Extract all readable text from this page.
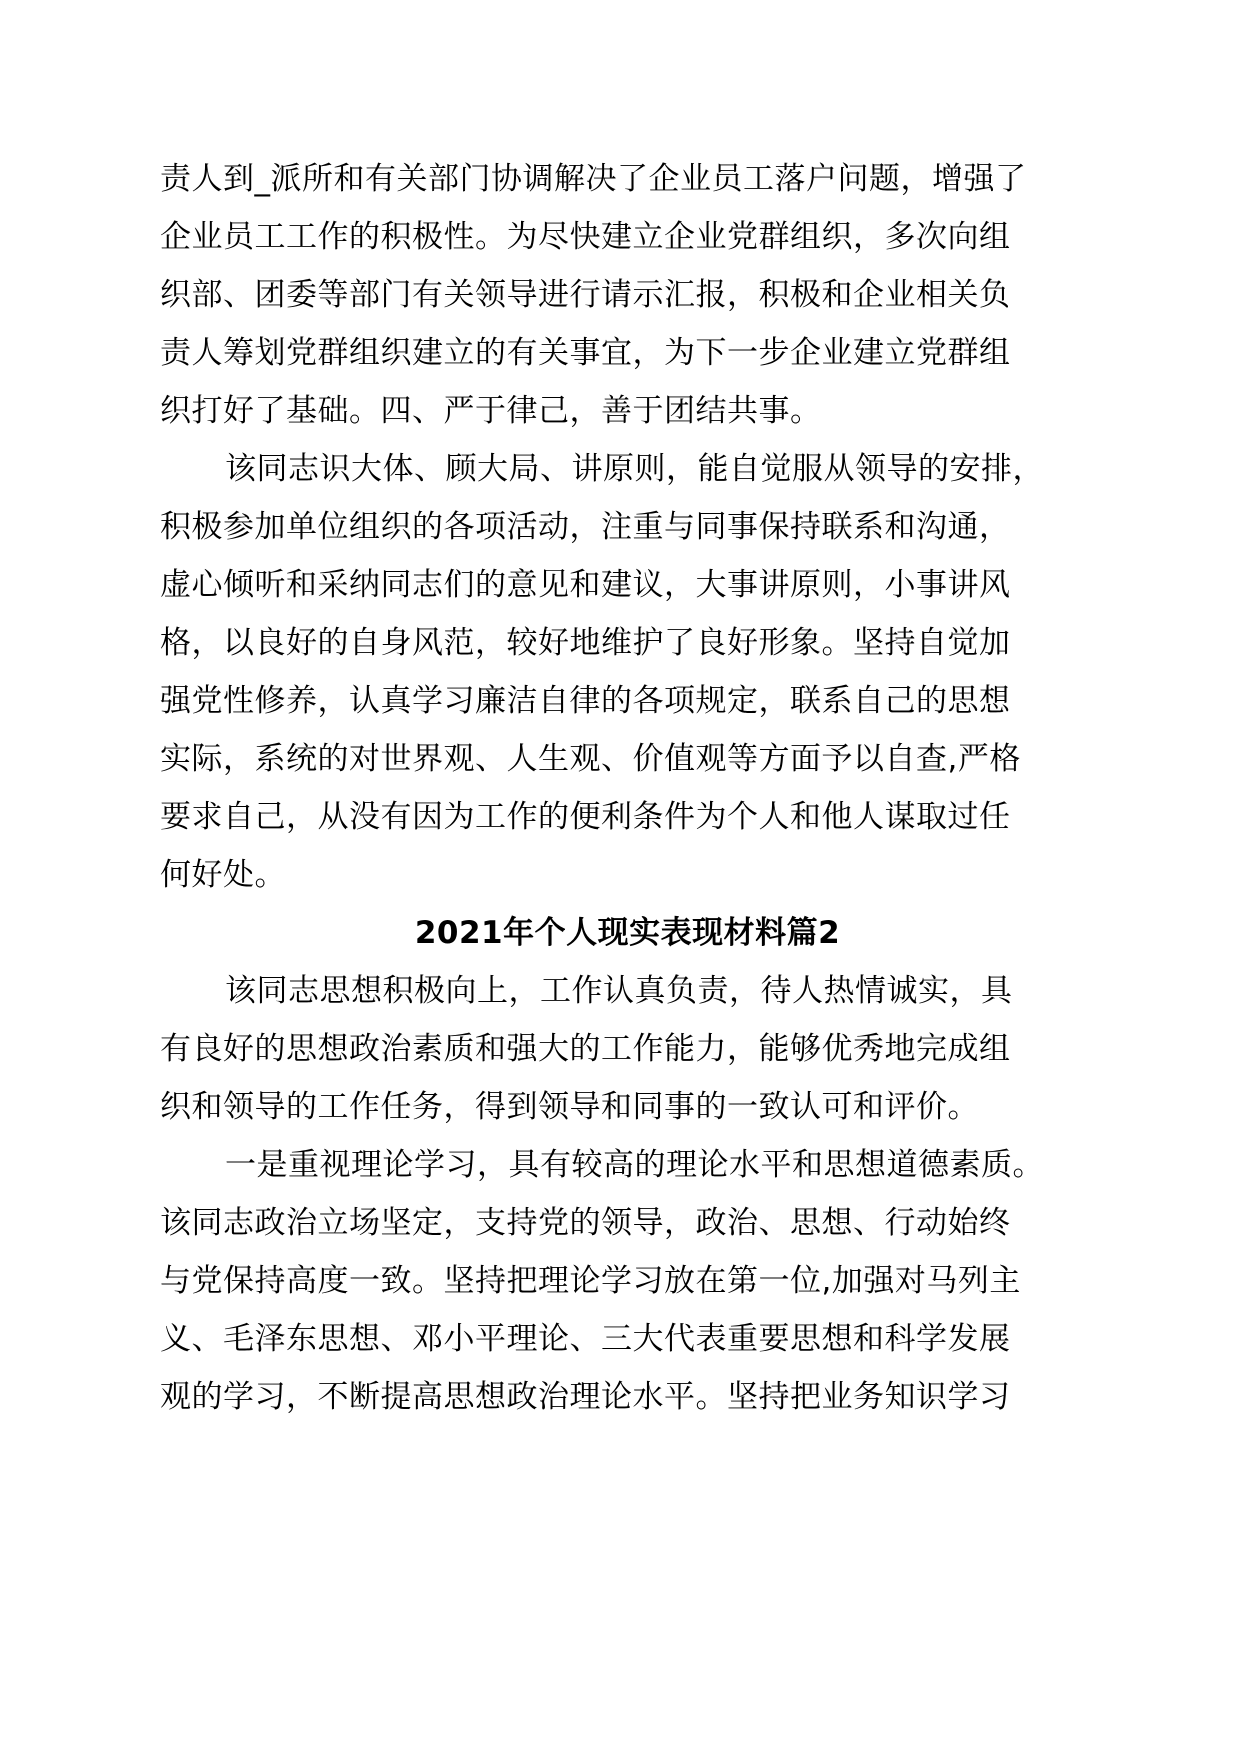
责人到_派所和有关部门协调解决了企业员工落户问题，增强了
企业员工工作的积极性。为尽快建立企业党群组织，多次向组
织部、团委等部门有关领导进行请示汇报，积极和企业相关负
责人筹划党群组织建立的有关事宜，为下一步企业建立党群组
织打好了基础。四、严于律己，善于团结共事。
该同志识大体、顾大局、讲原则，能自觉服从领导的安排，
积极参加单位组织的各项活动，注重与同事保持联系和沟通，
虚心倾听和采纳同志们的意见和建议，大事讲原则，小事讲风
格，以良好的自身风范，较好地维护了良好形象。坚持自觉加
强党性修养，认真学习廉洁自律的各项规定，联系自己的思想
实际，系统的对世界观、人生观、价值观等方面予以自查,严格
要求自己，从没有因为工作的便利条件为个人和他人谋取过任
何好处。
2021年个人现实表现材料篇2
该同志思想积极向上，工作认真负责，待人热情诚实，具
有良好的思想政治素质和强大的工作能力，能够优秀地完成组
织和领导的工作任务，得到领导和同事的一致认可和评价。
一是重视理论学习，具有较高的理论水平和思想道德素质。
该同志政治立场坚定，支持党的领导，政治、思想、行动始终
与党保持高度一致。坚持把理论学习放在第一位,加强对马列主
义、毛泽东思想、邓小平理论、三大代表重要思想和科学发展
观的学习，不断提高思想政治理论水平。坚持把业务知识学习
